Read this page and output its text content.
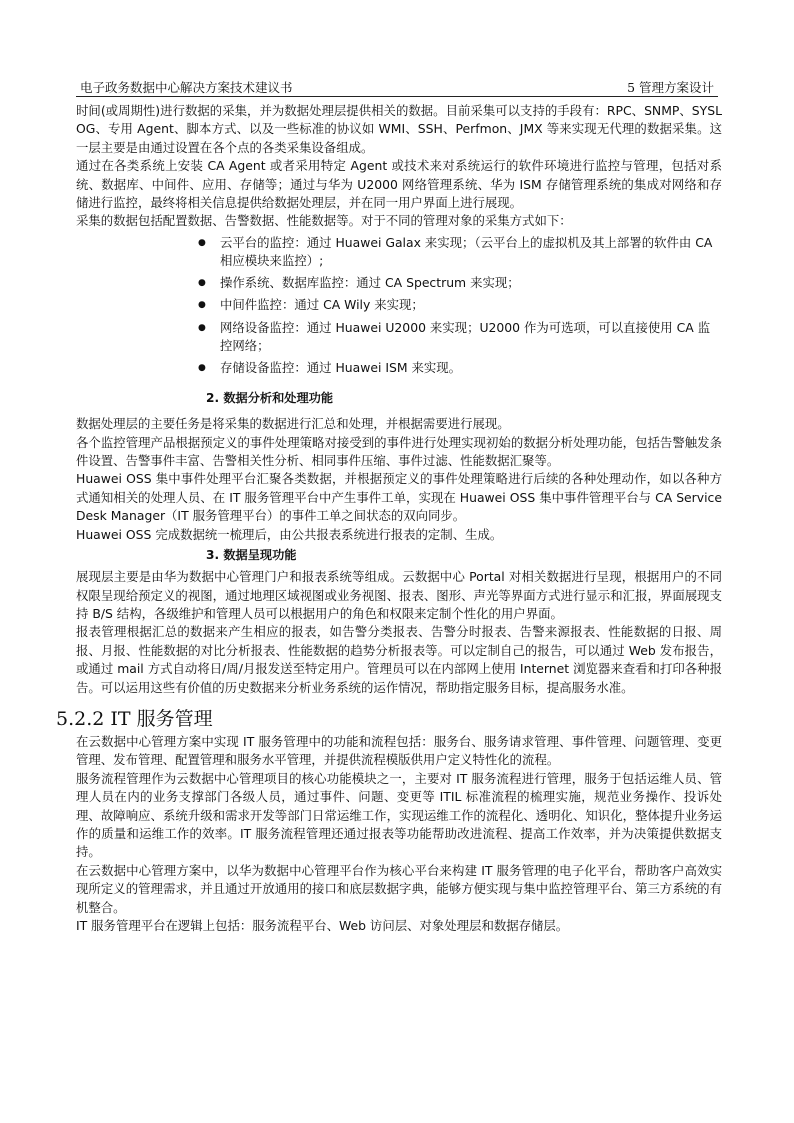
电子政务数据中心解决方案技术建议书	5 管理方案设计

时间(或周期性)进行数据的采集，并为数据处理层提供相关的数据。目前采集可以支持的手段有：RPC、SNMP、SYSLOG、专用 Agent、脚本方式、以及一些标准的协议如 WMI、SSH、Perfmon、JMX 等来实现无代理的数据采集。这一层主要是由通过设置在各个点的各类采集设备组成。

通过在各类系统上安装 CA Agent 或者采用特定 Agent 或技术来对系统运行的软件环境进行监控与管理，包括对系统、数据库、中间件、应用、存储等；通过与华为 U2000 网络管理系统、华为 ISM 存储管理系统的集成对网络和存储进行监控，最终将相关信息提供给数据处理层，并在同一用户界面上进行展现。

采集的数据包括配置数据、告警数据、性能数据等。对于不同的管理对象的采集方式如下：

● 云平台的监控：通过 Huawei Galax 来实现；（云平台上的虚拟机及其上部署的软件由 CA 相应模块来监控）;
● 操作系统、数据库监控：通过 CA Spectrum 来实现；
● 中间件监控：通过 CA Wily 来实现；
● 网络设备监控：通过 Huawei U2000 来实现；U2000 作为可选项，可以直接使用 CA 监控网络；
● 存储设备监控：通过 Huawei ISM 来实现。
2. 数据分析和处理功能

数据处理层的主要任务是将采集的数据进行汇总和处理，并根据需要进行展现。

各个监控管理产品根据预定义的事件处理策略对接受到的事件进行处理实现初始的数据分析处理功能，包括告警触发条件设置、告警事件丰富、告警相关性分析、相同事件压缩、事件过滤、性能数据汇聚等。

Huawei OSS 集中事件处理平台汇聚各类数据，并根据预定义的事件处理策略进行后续的各种处理动作，如以各种方式通知相关的处理人员、在 IT 服务管理平台中产生事件工单，实现在 Huawei OSS 集中事件管理平台与 CA Service Desk Manager（IT 服务管理平台）的事件工单之间状态的双向同步。

Huawei OSS 完成数据统一梳理后，由公共报表系统进行报表的定制、生成。

3. 数据呈现功能

展现层主要是由华为数据中心管理门户和报表系统等组成。云数据中心 Portal 对相关数据进行呈现，根据用户的不同权限呈现给预定义的视图，通过地理区域视图或业务视图、报表、图形、声光等界面方式进行显示和汇报，界面展现支持 B/S 结构，各级维护和管理人员可以根据用户的角色和权限来定制个性化的用户界面。

报表管理根据汇总的数据来产生相应的报表，如告警分类报表、告警分时报表、告警来源报表、性能数据的日报、周报、月报、性能数据的对比分析报表、性能数据的趋势分析报表等。可以定制自己的报告，可以通过 Web 发布报告，或通过 mail 方式自动将日/周/月报发送至特定用户。管理员可以在内部网上使用 Internet 浏览器来查看和打印各种报告。可以运用这些有价值的历史数据来分析业务系统的运作情况，帮助指定服务目标，提高服务水准。

5.2.2 IT 服务管理

在云数据中心管理方案中实现 IT 服务管理中的功能和流程包括：服务台、服务请求管理、事件管理、问题管理、变更管理、发布管理、配置管理和服务水平管理，并提供流程模版供用户定义特性化的流程。

服务流程管理作为云数据中心管理项目的核心功能模块之一，主要对 IT 服务流程进行管理，服务于包括运维人员、管理人员在内的业务支撑部门各级人员，通过事件、问题、变更等 ITIL 标准流程的梳理实施，规范业务操作、投诉处理、故障响应、系统升级和需求开发等部门日常运维工作，实现运维工作的流程化、透明化、知识化，整体提升业务运作的质量和运维工作的效率。IT 服务流程管理还通过报表等功能帮助改进流程、提高工作效率，并为决策提供数据支持。

在云数据中心管理方案中，以华为数据中心管理平台作为核心平台来构建 IT 服务管理的电子化平台，帮助客户高效实现所定义的管理需求，并且通过开放通用的接口和底层数据字典，能够方便实现与集中监控管理平台、第三方系统的有机整合。

IT 服务管理平台在逻辑上包括：服务流程平台、Web 访问层、对象处理层和数据存储层。
